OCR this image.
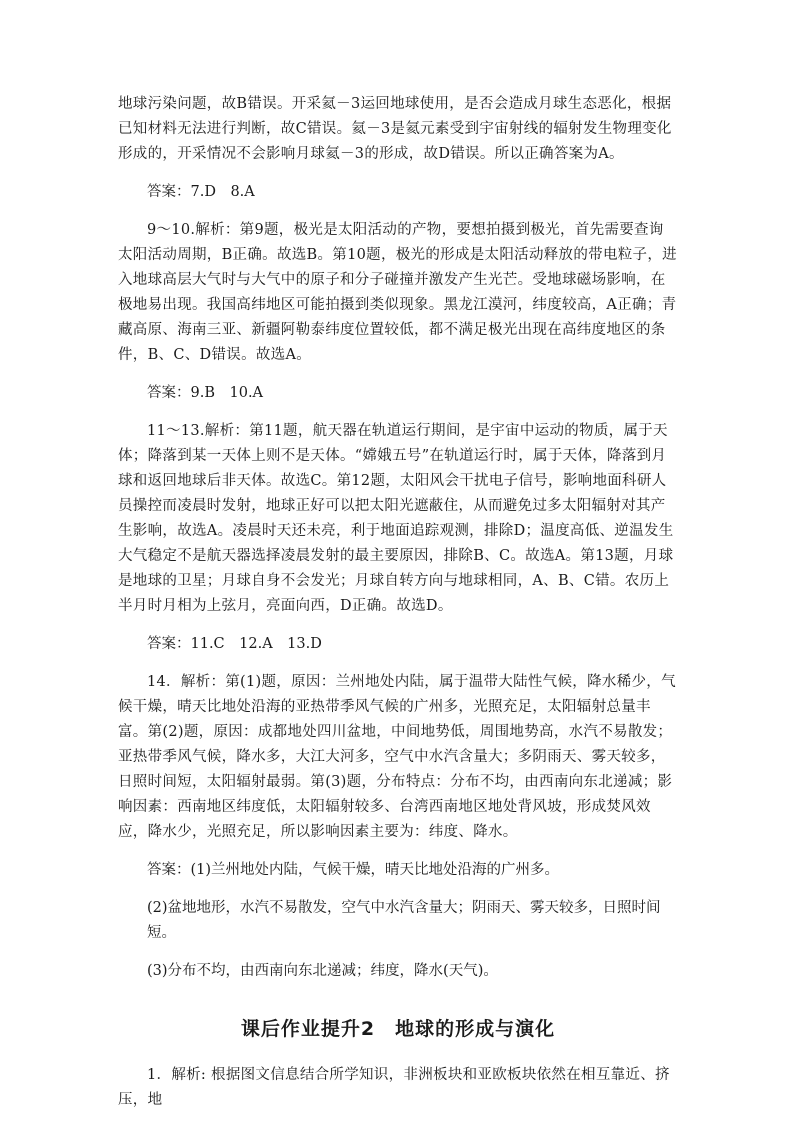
地球污染问题，故B错误。开采氦－3运回地球使用，是否会造成月球生态恶化，根据已知材料无法进行判断，故C错误。氦－3是氦元素受到宇宙射线的辐射发生物理变化形成的，开采情况不会影响月球氦－3的形成，故D错误。所以正确答案为A。

答案：7.D　8.A

9～10.解析：第9题，极光是太阳活动的产物，要想拍摄到极光，首先需要查询太阳活动周期，B正确。故选B。第10题，极光的形成是太阳活动释放的带电粒子，进入地球高层大气时与大气中的原子和分子碰撞并激发产生光芒。受地球磁场影响，在极地易出现。我国高纬地区可能拍摄到类似现象。黑龙江漠河，纬度较高，A正确；青藏高原、海南三亚、新疆阿勒泰纬度位置较低，都不满足极光出现在高纬度地区的条件，B、C、D错误。故选A。

答案：9.B　10.A

11～13.解析：第11题，航天器在轨道运行期间，是宇宙中运动的物质，属于天体；降落到某一天体上则不是天体。“嫦娥五号”在轨道运行时，属于天体，降落到月球和返回地球后非天体。故选C。第12题，太阳风会干扰电子信号，影响地面科研人员操控而凌晨时发射，地球正好可以把太阳光遮蔽住，从而避免过多太阳辐射对其产生影响，故选A。凌晨时天还未亮，利于地面追踪观测，排除D；温度高低、逆温发生大气稳定不是航天器选择凌晨发射的最主要原因，排除B、C。故选A。第13题，月球是地球的卫星；月球自身不会发光；月球自转方向与地球相同，A、B、C错。农历上半月时月相为上弦月，亮面向西，D正确。故选D。

答案：11.C　12.A　13.D

14．解析：第(1)题，原因：兰州地处内陆，属于温带大陆性气候，降水稀少，气候干燥，晴天比地处沿海的亚热带季风气候的广州多，光照充足，太阳辐射总量丰富。第(2)题，原因：成都地处四川盆地，中间地势低，周围地势高，水汽不易散发；亚热带季风气候，降水多，大江大河多，空气中水汽含量大；多阴雨天、雾天较多，日照时间短，太阳辐射最弱。第(3)题，分布特点：分布不均，由西南向东北递减；影响因素：西南地区纬度低，太阳辐射较多、台湾西南地区地处背风坡，形成焚风效应，降水少，光照充足，所以影响因素主要为：纬度、降水。

答案：(1)兰州地处内陆，气候干燥，晴天比地处沿海的广州多。

(2)盆地地形，水汽不易散发，空气中水汽含量大；阴雨天、雾天较多，日照时间短。

(3)分布不均，由西南向东北递减；纬度，降水(天气)。

课后作业提升2　地球的形成与演化

1．解析: 根据图文信息结合所学知识，非洲板块和亚欧板块依然在相互靠近、挤压，地
